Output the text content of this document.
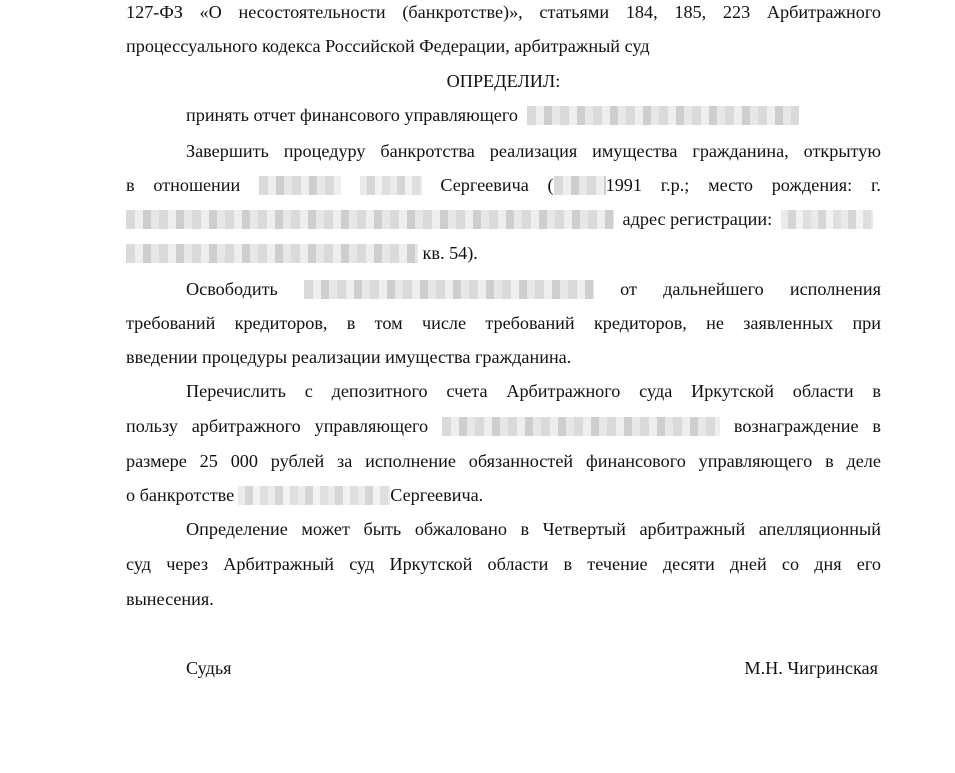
127-ФЗ «О несостоятельности (банкротстве)», статьями 184, 185, 223 Арбитражного
процессуального кодекса Российской Федерации, арбитражный суд
ОПРЕДЕЛИЛ:
принять отчет финансового управляющего
Завершить процедуру банкротства реализация имущества гражданина, открытую
в отношении	Сергеевича (	1991 г.р.; место рождения: г.
адрес регистрации:
кв. 54).
Освободить	от дальнейшего исполнения
требований кредиторов, в том числе требований кредиторов, не заявленных при
введении процедуры реализации имущества гражданина.
Перечислить с депозитного счета Арбитражного суда Иркутской области в
пользу арбитражного управляющего	вознаграждение в
размере 25 000 рублей за исполнение обязанностей финансового управляющего в деле
о банкротстве	Сергеевича.
Определение может быть обжаловано в Четвертый арбитражный апелляционный
суд через Арбитражный суд Иркутской области в течение десяти дней со дня его
вынесения.
Судья	М.Н. Чигринская
